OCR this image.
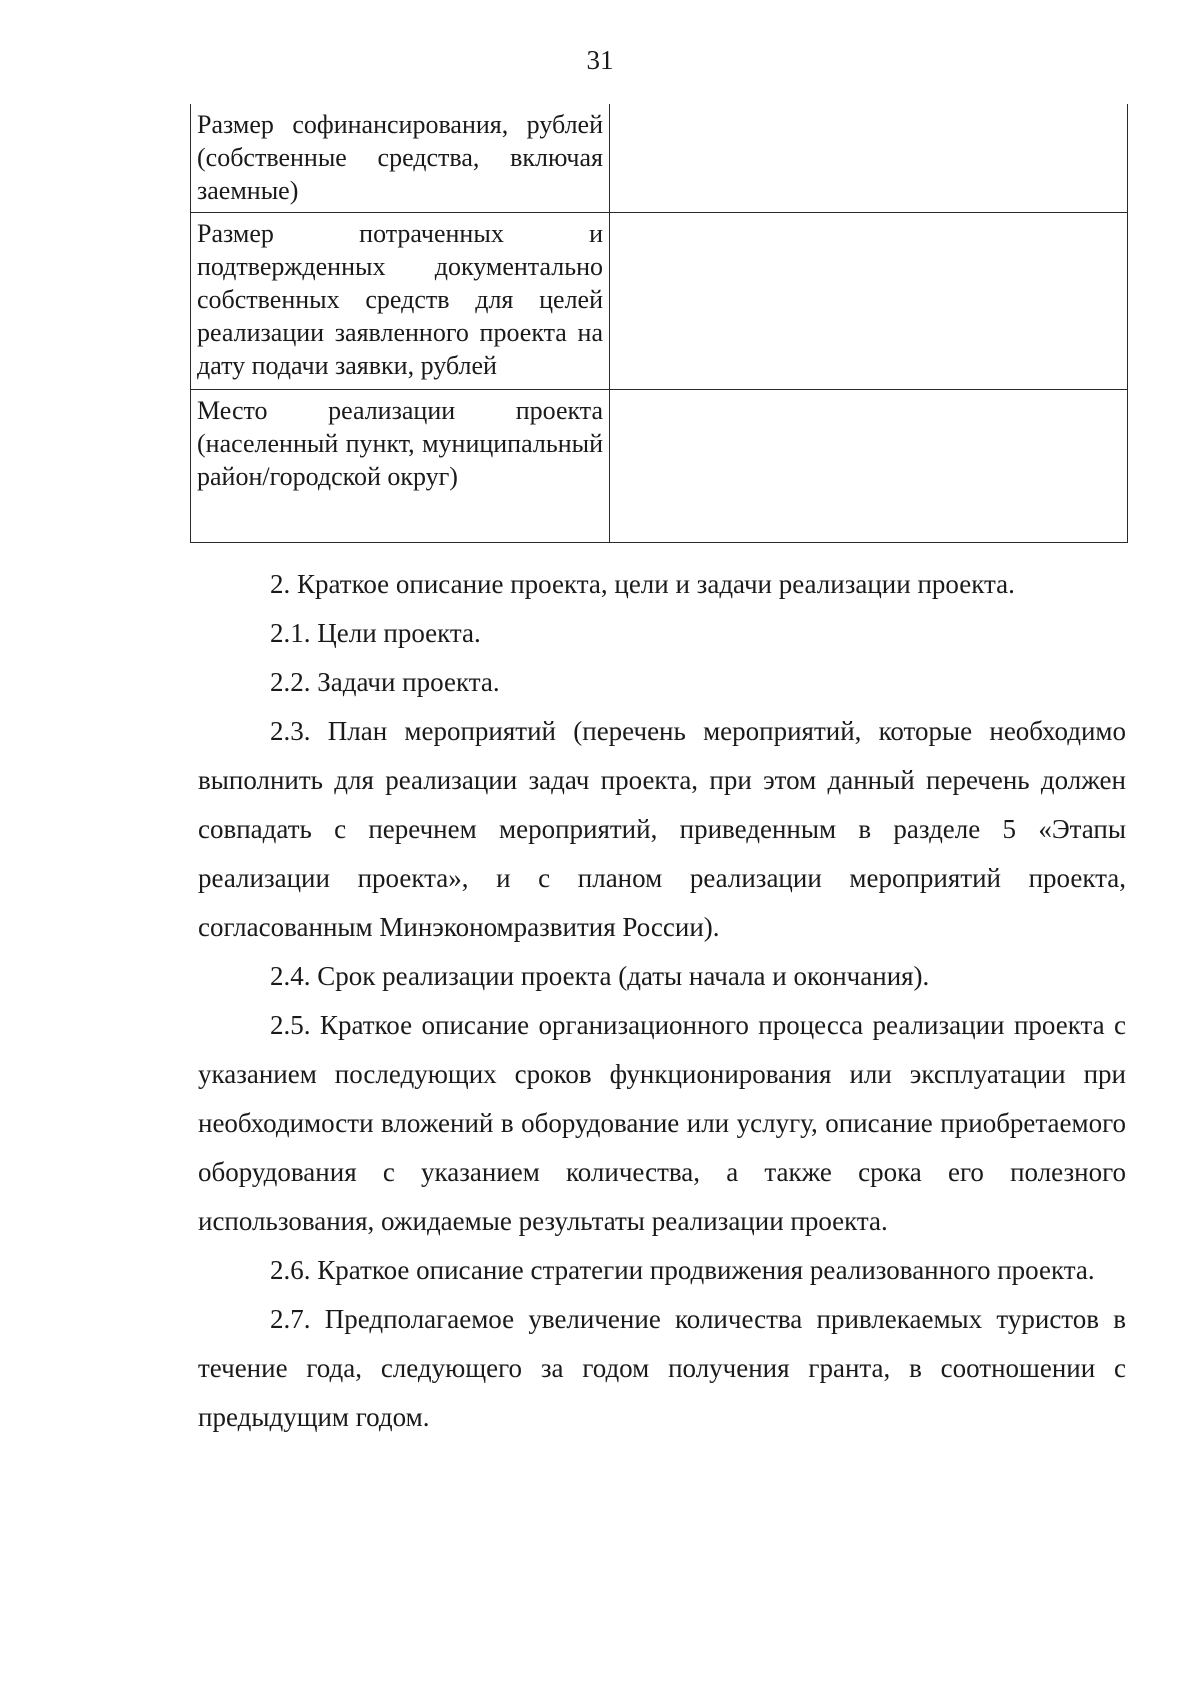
31
Размер софинансирования, рублей (собственные средства, включая заемные)	
Размер потраченных и подтвержденных документально собственных средств для целей реализации заявленного проекта на дату подачи заявки, рублей	
Место реализации проекта (населенный пункт, муниципальный район/городской округ)	

2. Краткое описание проекта, цели и задачи реализации проекта.

2.1. Цели проекта.

2.2. Задачи проекта.

2.3. План мероприятий (перечень мероприятий, которые необходимо выполнить для реализации задач проекта, при этом данный перечень должен совпадать с перечнем мероприятий, приведенным в разделе 5 «Этапы реализации проекта», и с планом реализации мероприятий проекта, согласованным Минэкономразвития России).

2.4. Срок реализации проекта (даты начала и окончания).

2.5. Краткое описание организационного процесса реализации проекта с указанием последующих сроков функционирования или эксплуатации при необходимости вложений в оборудование или услугу, описание приобретаемого оборудования с указанием количества, а также срока его полезного использования, ожидаемые результаты реализации проекта.

2.6. Краткое описание стратегии продвижения реализованного проекта.

2.7. Предполагаемое увеличение количества привлекаемых туристов в течение года, следующего за годом получения гранта, в соотношении с предыдущим годом.
